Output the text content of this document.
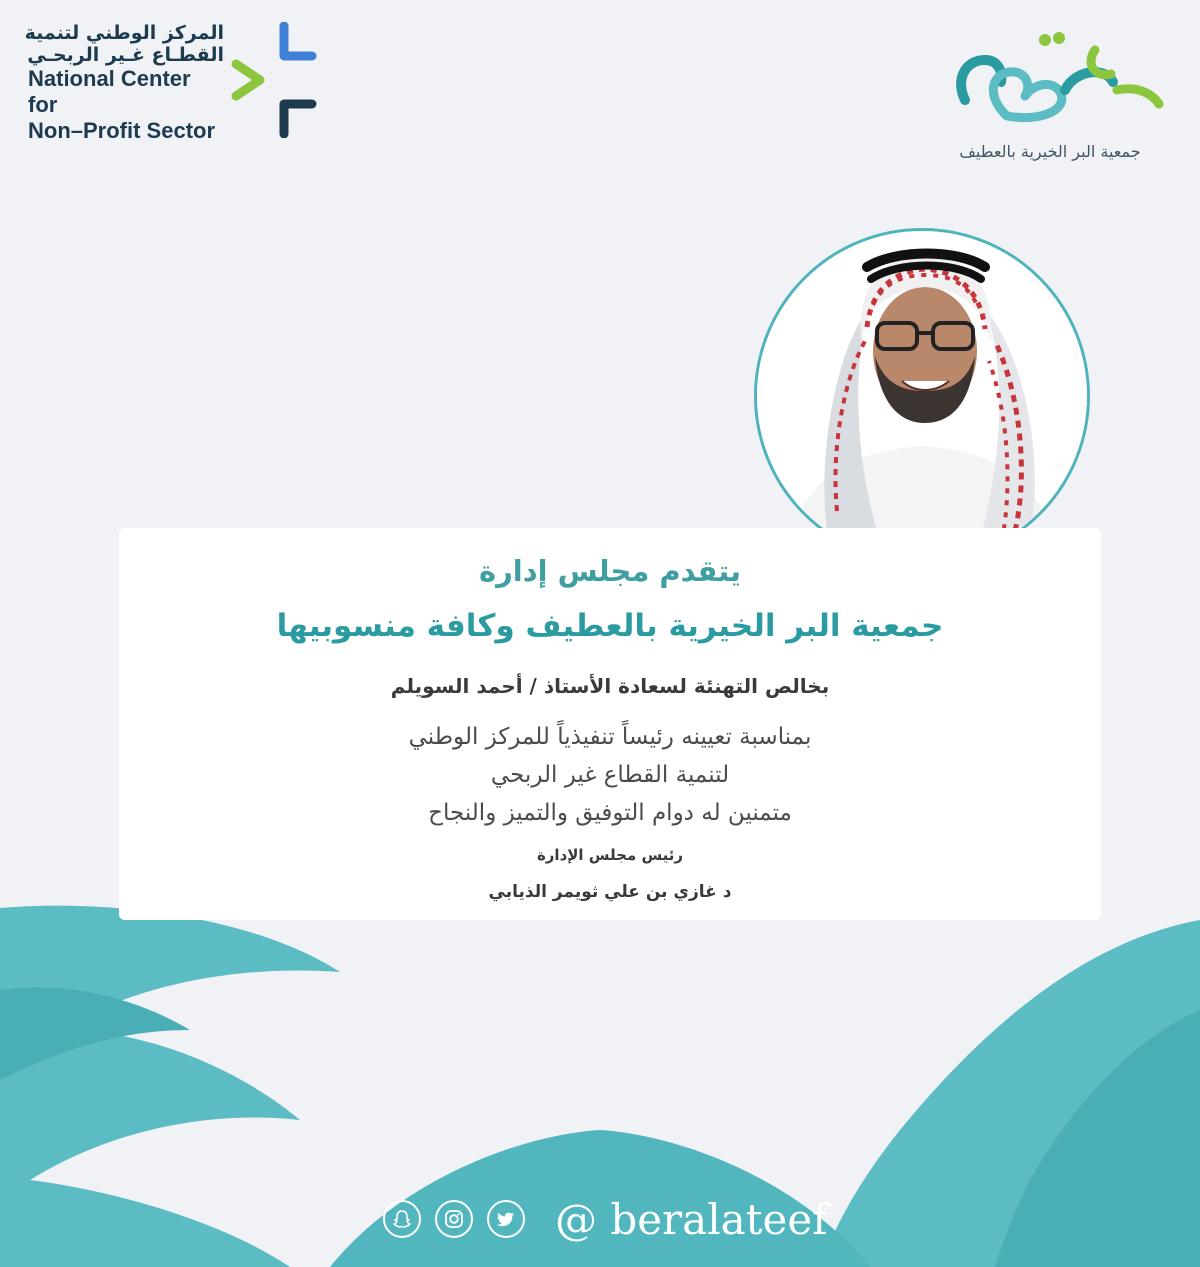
المركز الوطني لتنمية
القطـاع غـير الربحـي
National Center for
Non–Profit Sector
جمعية البر الخيرية بالعطيف
يتقدم مجلس إدارة
جمعية البر الخيرية بالعطيف وكافة منسوبيها
بخالص التهنئة لسعادة الأستاذ / أحمد السويلم
بمناسبة تعيينه رئيساً تنفيذياً للمركز الوطني
لتنمية القطاع غير الربحي
متمنين له دوام التوفيق والتميز والنجاح
رئيس مجلس الإدارة
د غازي بن علي ثويمر الذيابي
@ beralateef
